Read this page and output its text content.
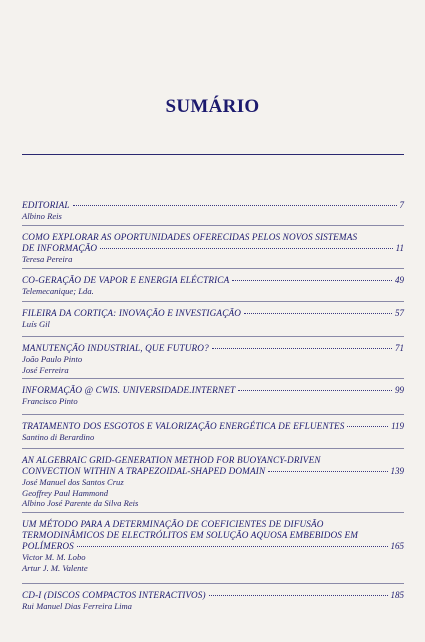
SUMÁRIO
EDITORIAL	7
Albino Reis
COMO EXPLORAR AS OPORTUNIDADES OFERECIDAS PELOS NOVOS SISTEMAS
DE INFORMAÇÃO	11
Teresa Pereira
CO-GERAÇÃO DE VAPOR E ENERGIA ELÉCTRICA	49
Telemecanique; Lda.
FILEIRA DA CORTIÇA: INOVAÇÃO E INVESTIGAÇÃO	57
Luís Gil
MANUTENÇÃO INDUSTRIAL, QUE FUTURO?	71
João Paulo Pinto
José Ferreira
INFORMAÇÃO @ CWIS. UNIVERSIDADE.INTERNET	99
Francisco Pinto
TRATAMENTO DOS ESGOTOS E VALORIZAÇÃO ENERGÉTICA DE EFLUENTES	119
Santino di Berardino
AN ALGEBRAIC GRID-GENERATION METHOD FOR BUOYANCY-DRIVEN
CONVECTION WITHIN A TRAPEZOIDAL-SHAPED DOMAIN	139
José Manuel dos Santos Cruz
Geoffrey Paul Hammond
Albino José Parente da Silva Reis
UM MÉTODO PARA A DETERMINAÇÃO DE COEFICIENTES DE DIFUSÃO
TERMODINÂMICOS DE ELECTRÓLITOS EM SOLUÇÃO AQUOSA EMBEBIDOS EM
POLÍMEROS	165
Victor M. M. Lobo
Artur J. M. Valente
CD-I (DISCOS COMPACTOS INTERACTIVOS)	185
Rui Manuel Dias Ferreira Lima
